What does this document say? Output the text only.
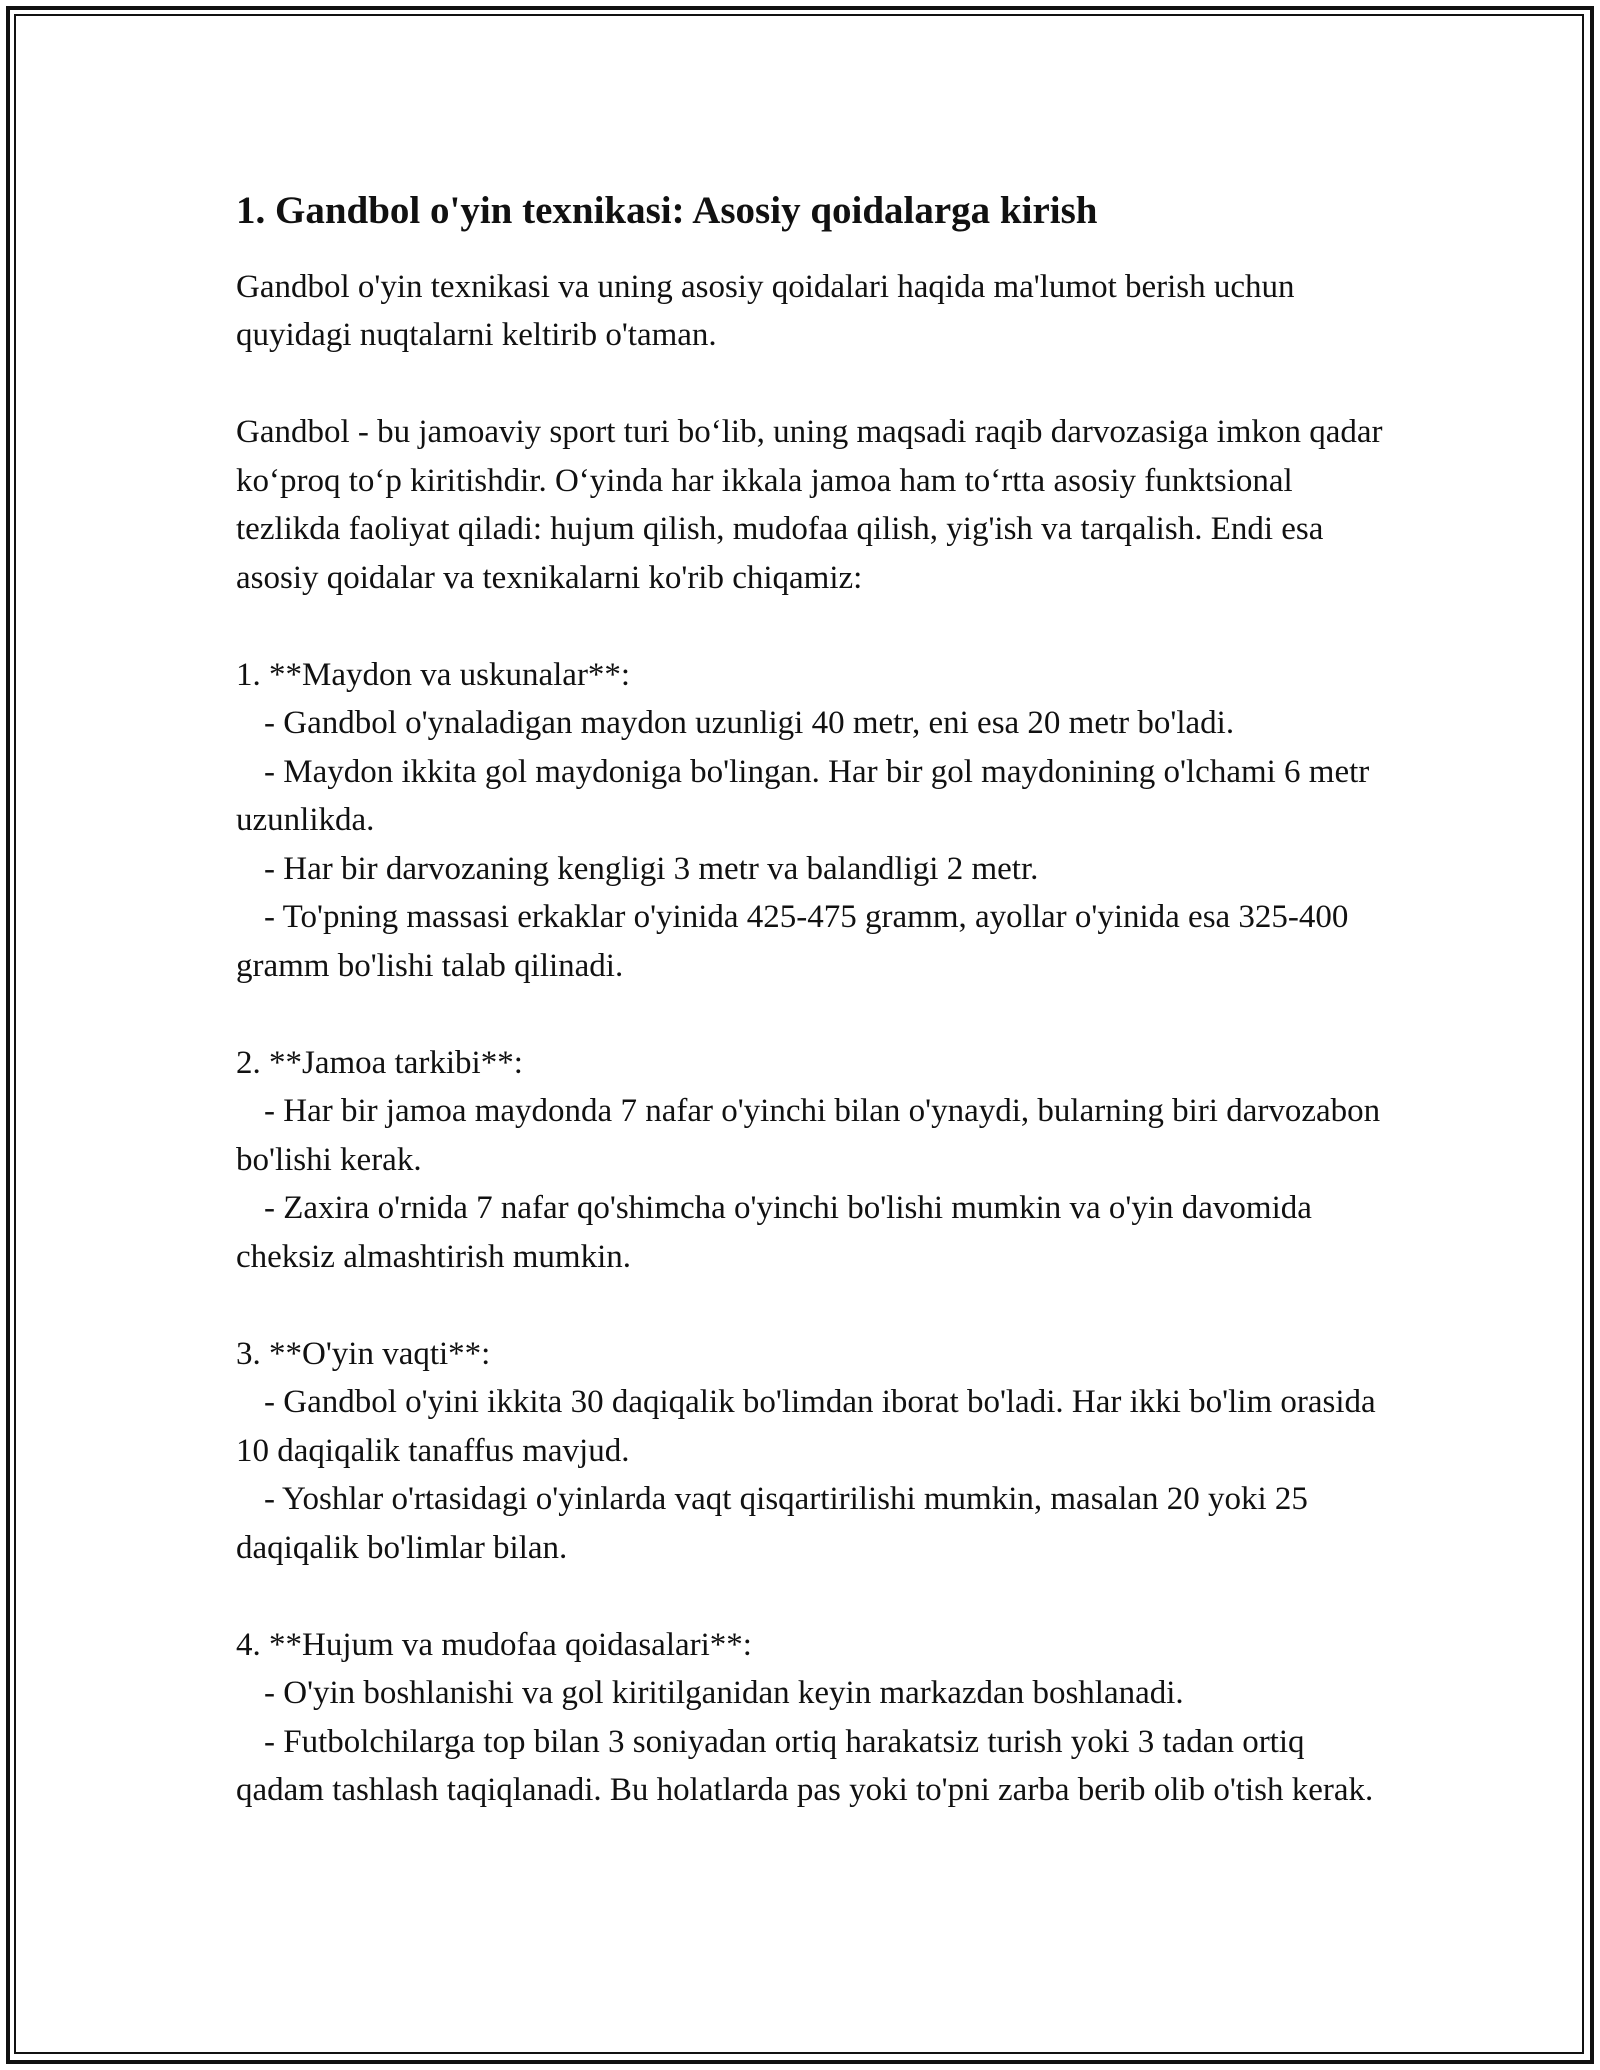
1. Gandbol o'yin texnikasi: Asosiy qoidalarga kirish

Gandbol o'yin texnikasi va uning asosiy qoidalari haqida ma'lumot berish uchun quyidagi nuqtalarni keltirib o'taman.

Gandbol - bu jamoaviy sport turi bo‘lib, uning maqsadi raqib darvozasiga imkon qadar ko‘proq to‘p kiritishdir. O‘yinda har ikkala jamoa ham to‘rtta asosiy funktsional tezlikda faoliyat qiladi: hujum qilish, mudofaa qilish, yig'ish va tarqalish. Endi esa asosiy qoidalar va texnikalarni ko'rib chiqamiz:

1. **Maydon va uskunalar**:

- Gandbol o'ynaladigan maydon uzunligi 40 metr, eni esa 20 metr bo'ladi.

- Maydon ikkita gol maydoniga bo'lingan. Har bir gol maydonining o'lchami 6 metr uzunlikda.

- Har bir darvozaning kengligi 3 metr va balandligi 2 metr.

- To'pning massasi erkaklar o'yinida 425-475 gramm, ayollar o'yinida esa 325-400 gramm bo'lishi talab qilinadi.

2. **Jamoa tarkibi**:

- Har bir jamoa maydonda 7 nafar o'yinchi bilan o'ynaydi, bularning biri darvozabon bo'lishi kerak.

- Zaxira o'rnida 7 nafar qo'shimcha o'yinchi bo'lishi mumkin va o'yin davomida cheksiz almashtirish mumkin.

3. **O'yin vaqti**:

- Gandbol o'yini ikkita 30 daqiqalik bo'limdan iborat bo'ladi. Har ikki bo'lim orasida 10 daqiqalik tanaffus mavjud.

- Yoshlar o'rtasidagi o'yinlarda vaqt qisqartirilishi mumkin, masalan 20 yoki 25 daqiqalik bo'limlar bilan.

4. **Hujum va mudofaa qoidasalari**:

- O'yin boshlanishi va gol kiritilganidan keyin markazdan boshlanadi.

- Futbolchilarga top bilan 3 soniyadan ortiq harakatsiz turish yoki 3 tadan ortiq qadam tashlash taqiqlanadi. Bu holatlarda pas yoki to'pni zarba berib olib o'tish kerak.
